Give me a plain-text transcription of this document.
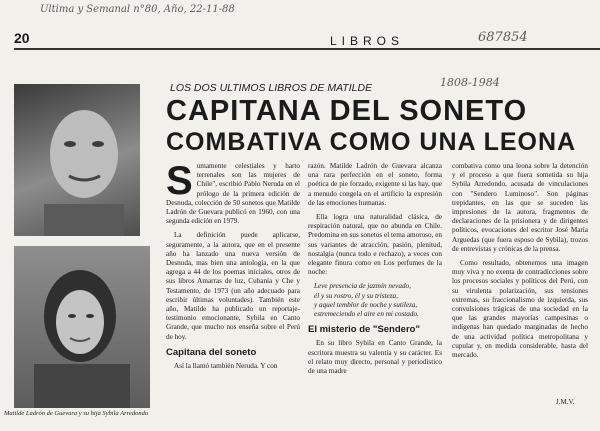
Ultima y Semanal n°80, Año, 22-11-88
20	LIBROS	687854
Matilde Ladrón de Guevara y su hija Sybila Arredondo
LOS DOS ULTIMOS LIBROS DE MATILDE	1808-1984
CAPITANA DEL SONETO
COMBATIVA COMO UNA LEONA

Sumamente celestiales y harto terrenales son las mujeres de Chile", escribió Pablo Neruda en el prólogo de la primera edición de Desnuda, colección de 50 sonetos que Matilde Ladrón de Guevara publicó en 1960, con una segunda edición en 1979.

La definición puede aplicarse, seguramente, a la autora, que en el presente año ha lanzado una nueva versión de Desnuda, mas bien una antología, en la que agrega a 44 de los poemas iniciales, otros de sus libros Amarras de luz, Cubanía y Che y Testamento, de 1973 (un año adecuado para escribir últimas voluntades). También este año, Matilde ha publicado un reportaje-testimonio emocionante, Sybila en Canto Grande, que mucho nos enseña sobre el Perú de hoy.

Capitana del soneto

Así la llamó también Neruda. Y con

razón. Matilde Ladrón de Guevara alcanza una rara perfección en el soneto, forma poética de pie forzado, exigente si las hay, que a menudo congela en el artificio la expresión de las emociones humanas.

Ella logra una naturalidad clásica, de respiración natural, que no abunda en Chile. Predomina en sus sonetos el tema amoroso, en sus variantes de atracción, pasión, plenitud, nostalgia (nunca todo e rechazo), a veces con elegante finura como en Los perfumes de la noche:

Leve presencia de jazmín nevado,

él y su rostro, él y su tristeza,

y aquel temblor de noche y sutileza,

estremeciendo el aire en mi costado.

El misterio de "Sendero"

En su libro Sybila en Canto Grande, la escritora muestra su valentía y su carácter. Es el relato muy directo, personal y periodístico de una madre

combativa como una leona sobre la detención y el proceso a que fuera sometida su hija Sybila Arredondo, acusada de vinculaciones con "Sendero Luminoso". Son páginas trepidantes, en las que se suceden las impresiones de la autora, fragmentos de declaraciones de la prisionera y de dirigentes políticos, evocaciones del escritor José María Arguedas (que fuera esposo de Sybila), trozos de entrevistas y crónicas de la prensa.

Como resultado, obtenemos una imagen muy viva y no exenta de contradicciones sobre los procesos sociales y políticos del Perú, con su virulenta polarización, sus tensiones extremas, su fraccionalismo de izquierda, sus convulsiones trágicas de una sociedad en la que las grandes mayorías campesinas o indígenas han quedado marginadas de hecho de una actividad política metropolitana y cupular y, en medida considerable, hasta del mercado.

J.M.V.
